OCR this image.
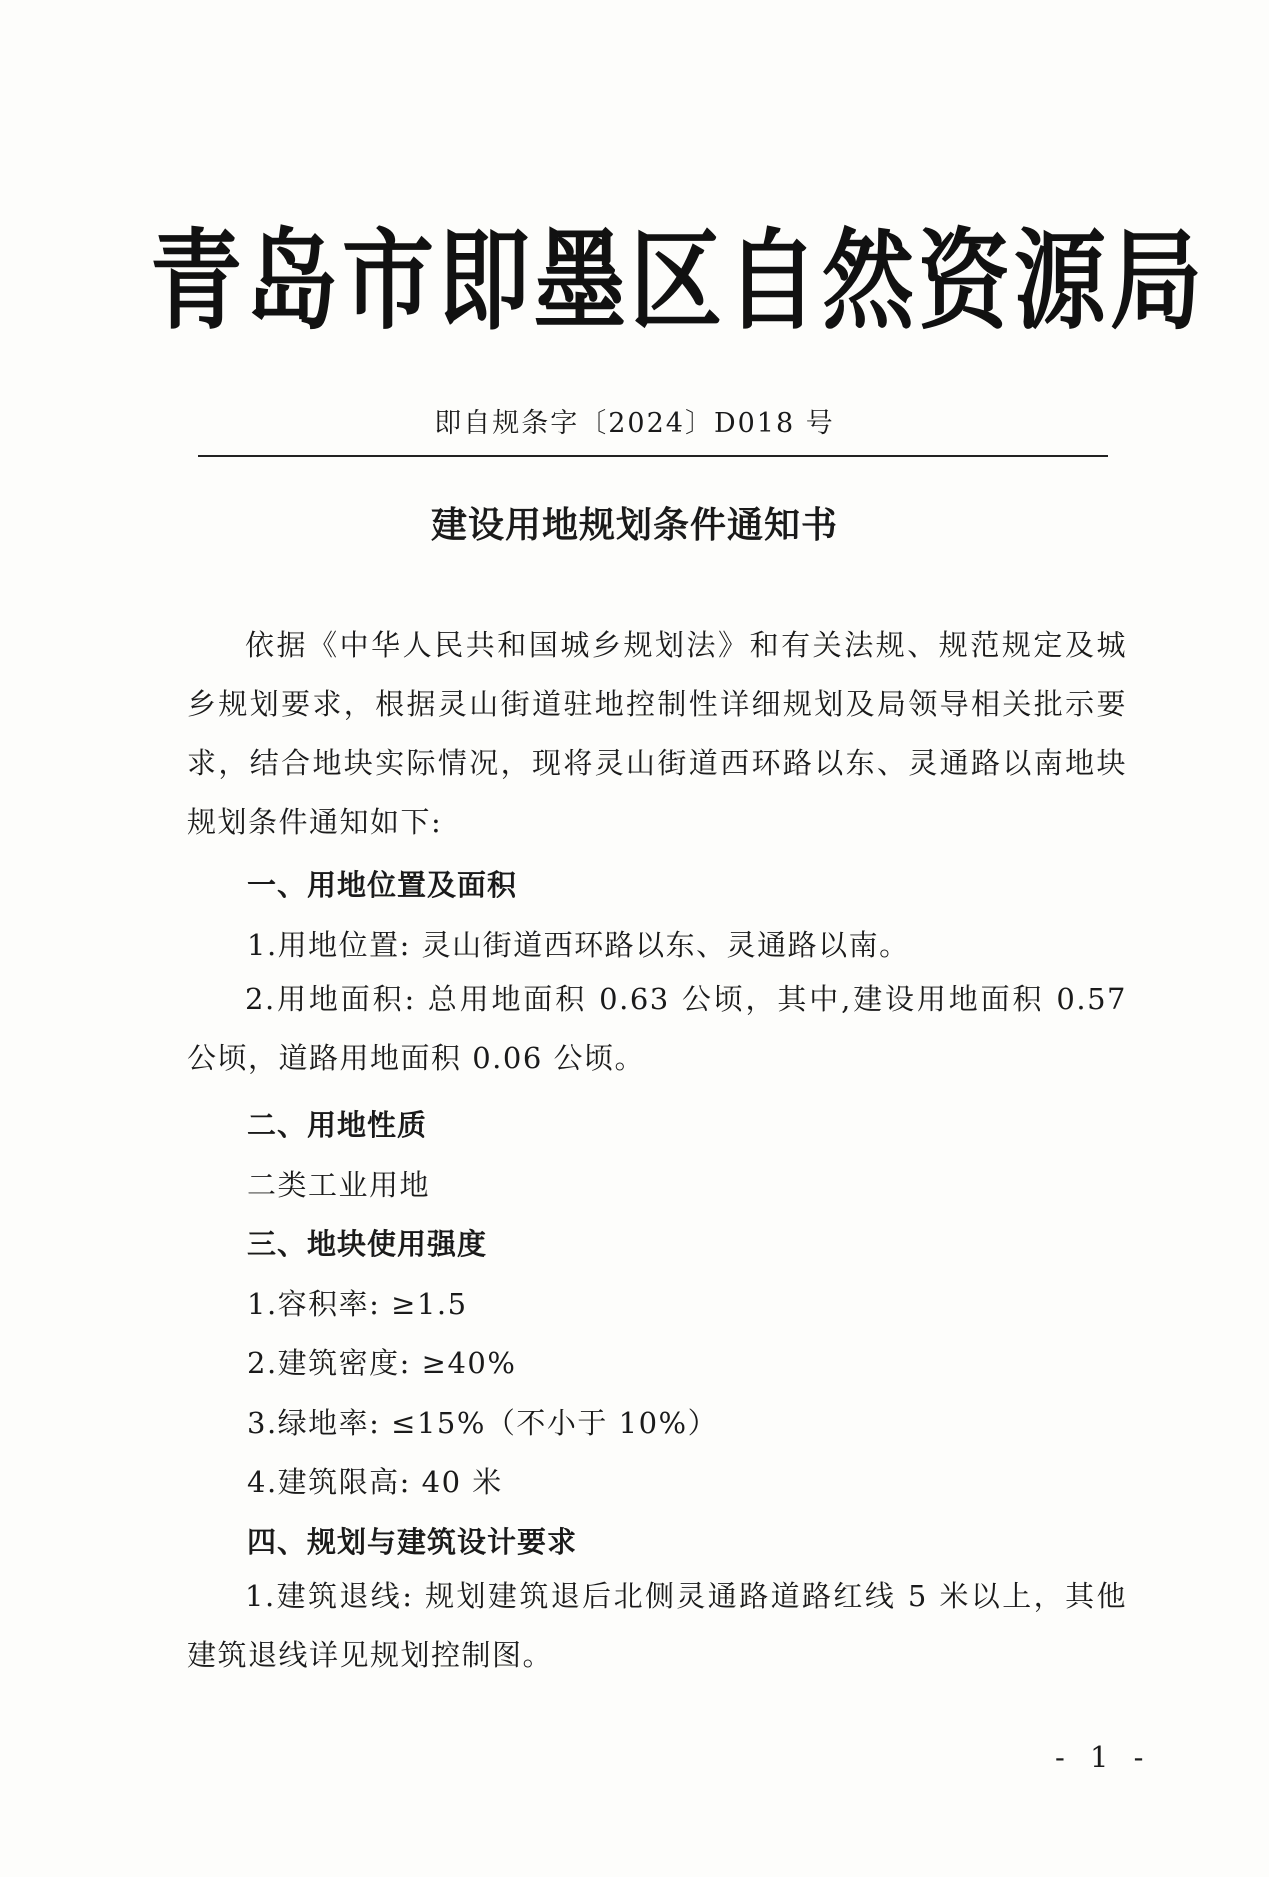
青岛市即墨区自然资源局
即自规条字〔2024〕D018 号
建设用地规划条件通知书

依据《中华人民共和国城乡规划法》和有关法规、规范规定及城乡规划要求，根据灵山街道驻地控制性详细规划及局领导相关批示要求，结合地块实际情况，现将灵山街道西环路以东、灵通路以南地块规划条件通知如下:

一、用地位置及面积
1.用地位置: 灵山街道西环路以东、灵通路以南。

2.用地面积: 总用地面积 0.63 公顷，其中,建设用地面积 0.57 公顷，道路用地面积 0.06 公顷。

二、用地性质
二类工业用地
三、地块使用强度
1.容积率: ≥1.5
2.建筑密度: ≥40%
3.绿地率: ≤15%（不小于 10%）
4.建筑限高: 40 米
四、规划与建筑设计要求

1.建筑退线: 规划建筑退后北侧灵通路道路红线 5 米以上，其他建筑退线详见规划控制图。

- 1 -
